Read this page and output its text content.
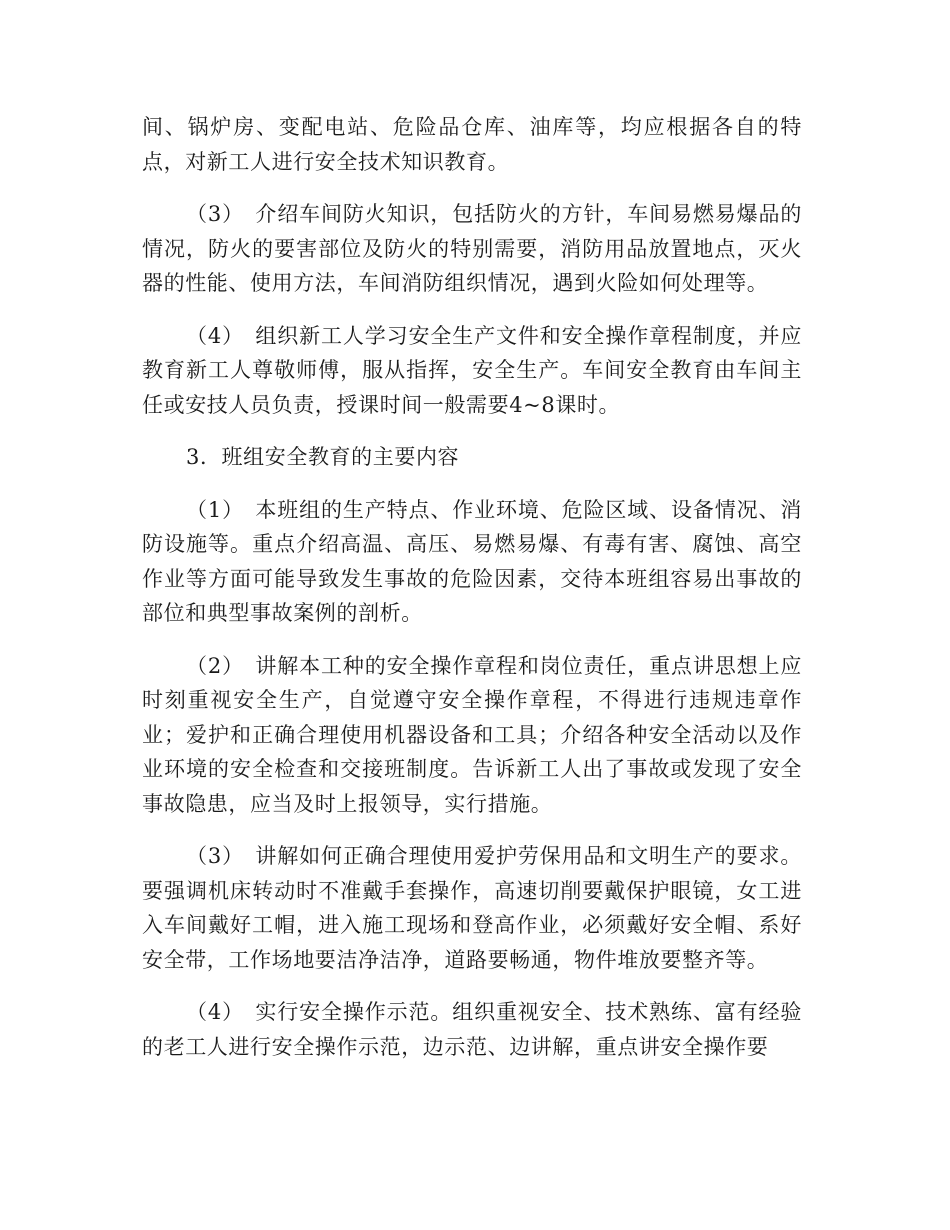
间、锅炉房、变配电站、危险品仓库、油库等，均应根据各自的特点，对新工人进行安全技术知识教育。

（3）　介绍车间防火知识，包括防火的方针，车间易燃易爆品的情况，防火的要害部位及防火的特别需要，消防用品放置地点，灭火器的性能、使用方法，车间消防组织情况，遇到火险如何处理等。

（4）　组织新工人学习安全生产文件和安全操作章程制度，并应教育新工人尊敬师傅，服从指挥，安全生产。车间安全教育由车间主任或安技人员负责，授课时间一般需要4~8课时。

3．班组安全教育的主要内容

（1）　本班组的生产特点、作业环境、危险区域、设备情况、消防设施等。重点介绍高温、高压、易燃易爆、有毒有害、腐蚀、高空作业等方面可能导致发生事故的危险因素，交待本班组容易出事故的部位和典型事故案例的剖析。

（2）　讲解本工种的安全操作章程和岗位责任，重点讲思想上应时刻重视安全生产，自觉遵守安全操作章程，不得进行违规违章作业；爱护和正确合理使用机器设备和工具；介绍各种安全活动以及作业环境的安全检查和交接班制度。告诉新工人出了事故或发现了安全事故隐患，应当及时上报领导，实行措施。

（3）　讲解如何正确合理使用爱护劳保用品和文明生产的要求。要强调机床转动时不准戴手套操作，高速切削要戴保护眼镜，女工进入车间戴好工帽，进入施工现场和登高作业，必须戴好安全帽、系好安全带，工作场地要洁净洁净，道路要畅通，物件堆放要整齐等。

（4）　实行安全操作示范。组织重视安全、技术熟练、富有经验的老工人进行安全操作示范，边示范、边讲解，重点讲安全操作要
